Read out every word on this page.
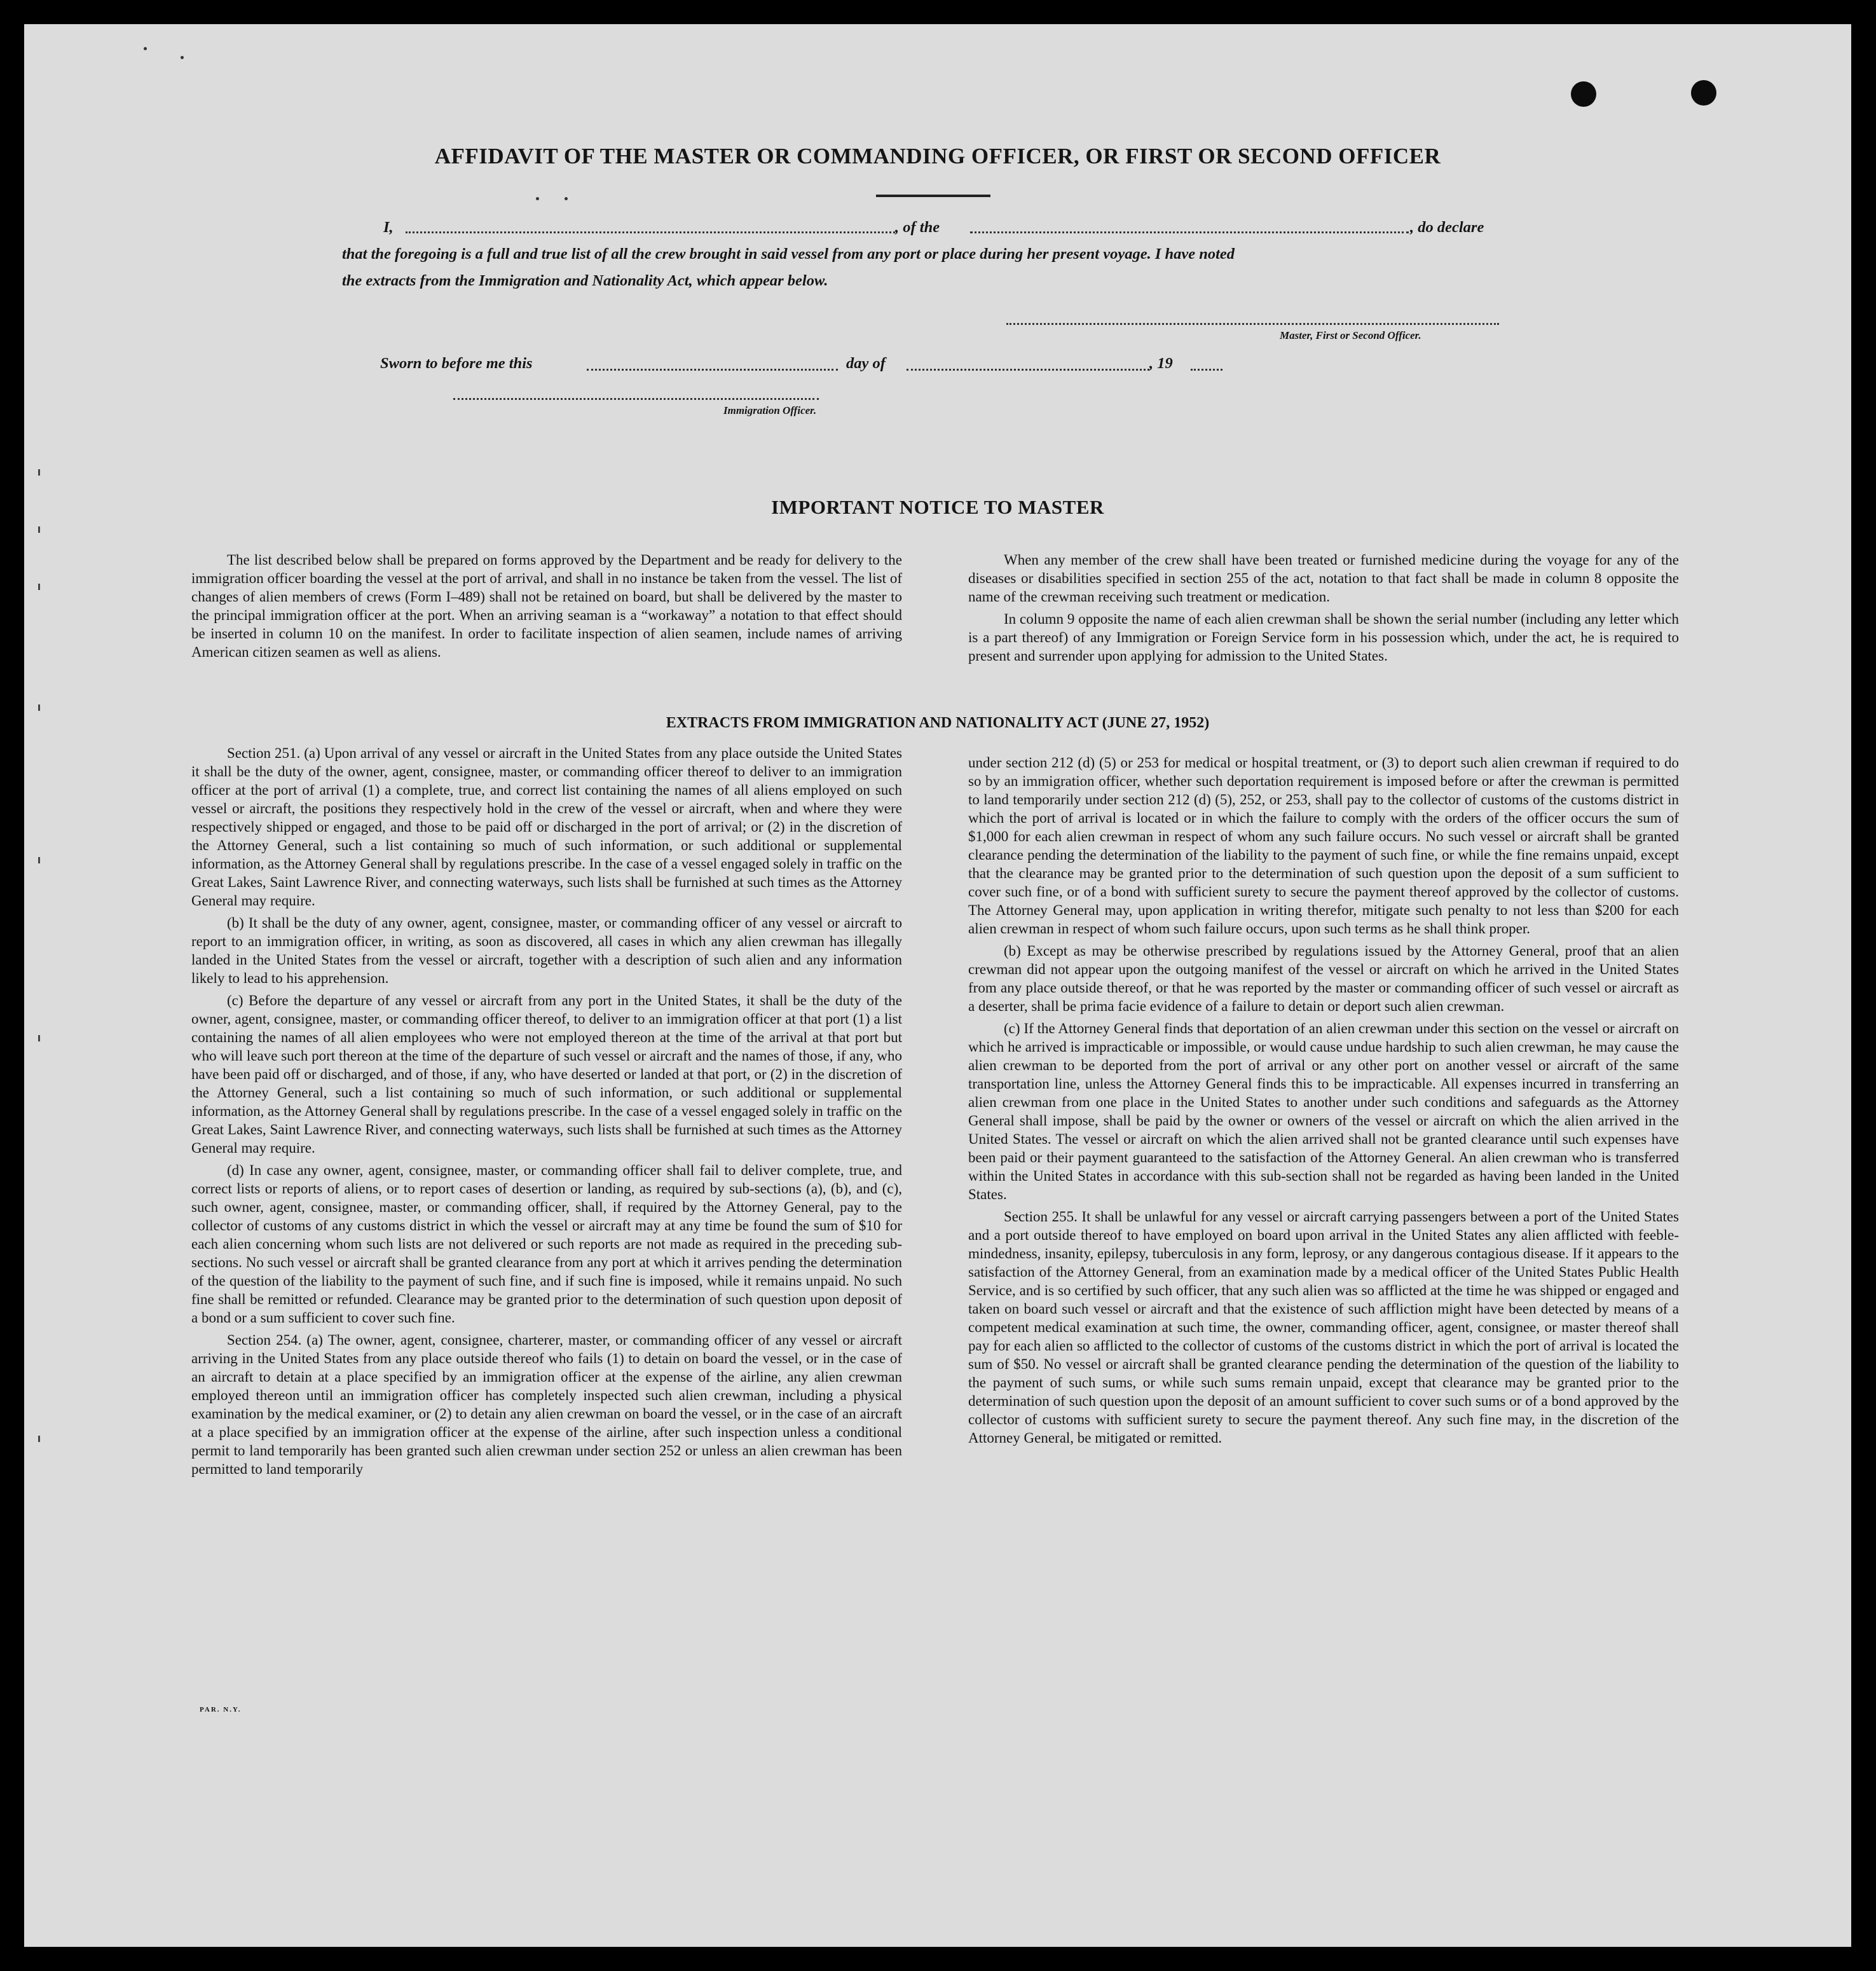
AFFIDAVIT OF THE MASTER OR COMMANDING OFFICER, OR FIRST OR SECOND OFFICER
I,	, of the	, do declare
that the foregoing is a full and true list of all the crew brought in said vessel from any port or place during her present voyage. I have noted
the extracts from the Immigration and Nationality Act, which appear below.
Master, First or Second Officer.
Sworn to before me this	day of	, 19
Immigration Officer.
IMPORTANT NOTICE TO MASTER

The list described below shall be prepared on forms approved by the Department and be ready for delivery to the immigration officer boarding the vessel at the port of arrival, and shall in no instance be taken from the vessel. The list of changes of alien members of crews (Form I–489) shall not be retained on board, but shall be delivered by the master to the principal immigration officer at the port. When an arriving seaman is a “workaway” a notation to that effect should be inserted in column 10 on the manifest. In order to facilitate inspection of alien seamen, include names of arriving American citizen seamen as well as aliens.

When any member of the crew shall have been treated or furnished medicine during the voyage for any of the diseases or disabilities specified in section 255 of the act, notation to that fact shall be made in column 8 opposite the name of the crewman receiving such treatment or medication.

In column 9 opposite the name of each alien crewman shall be shown the serial number (including any letter which is a part thereof) of any Immigration or Foreign Service form in his possession which, under the act, he is required to present and surrender upon applying for admission to the United States.

EXTRACTS FROM IMMIGRATION AND NATIONALITY ACT (JUNE 27, 1952)

Section 251. (a) Upon arrival of any vessel or aircraft in the United States from any place outside the United States it shall be the duty of the owner, agent, consignee, master, or commanding officer thereof to deliver to an immigration officer at the port of arrival (1) a complete, true, and correct list containing the names of all aliens employed on such vessel or aircraft, the positions they respectively hold in the crew of the vessel or aircraft, when and where they were respectively shipped or engaged, and those to be paid off or discharged in the port of arrival; or (2) in the discretion of the Attorney General, such a list containing so much of such information, or such additional or supplemental information, as the Attorney General shall by regulations prescribe. In the case of a vessel engaged solely in traffic on the Great Lakes, Saint Lawrence River, and connecting waterways, such lists shall be furnished at such times as the Attorney General may require.

(b) It shall be the duty of any owner, agent, consignee, master, or commanding officer of any vessel or aircraft to report to an immigration officer, in writing, as soon as discovered, all cases in which any alien crewman has illegally landed in the United States from the vessel or aircraft, together with a description of such alien and any information likely to lead to his apprehension.

(c) Before the departure of any vessel or aircraft from any port in the United States, it shall be the duty of the owner, agent, consignee, master, or commanding officer thereof, to deliver to an immigration officer at that port (1) a list containing the names of all alien employees who were not employed thereon at the time of the arrival at that port but who will leave such port thereon at the time of the departure of such vessel or aircraft and the names of those, if any, who have been paid off or discharged, and of those, if any, who have deserted or landed at that port, or (2) in the discretion of the Attorney General, such a list containing so much of such information, or such additional or supplemental information, as the Attorney General shall by regulations prescribe. In the case of a vessel engaged solely in traffic on the Great Lakes, Saint Lawrence River, and connecting waterways, such lists shall be furnished at such times as the Attorney General may require.

(d) In case any owner, agent, consignee, master, or commanding officer shall fail to deliver complete, true, and correct lists or reports of aliens, or to report cases of desertion or landing, as required by sub-sections (a), (b), and (c), such owner, agent, consignee, master, or commanding officer, shall, if required by the Attorney General, pay to the collector of customs of any customs district in which the vessel or aircraft may at any time be found the sum of $10 for each alien concerning whom such lists are not delivered or such reports are not made as required in the preceding sub-sections. No such vessel or aircraft shall be granted clearance from any port at which it arrives pending the determination of the question of the liability to the payment of such fine, and if such fine is imposed, while it remains unpaid. No such fine shall be remitted or refunded. Clearance may be granted prior to the determination of such question upon deposit of a bond or a sum sufficient to cover such fine.

Section 254. (a) The owner, agent, consignee, charterer, master, or commanding officer of any vessel or aircraft arriving in the United States from any place outside thereof who fails (1) to detain on board the vessel, or in the case of an aircraft to detain at a place specified by an immigration officer at the expense of the airline, any alien crewman employed thereon until an immigration officer has completely inspected such alien crewman, including a physical examination by the medical examiner, or (2) to detain any alien crewman on board the vessel, or in the case of an aircraft at a place specified by an immigration officer at the expense of the airline, after such inspection unless a conditional permit to land temporarily has been granted such alien crewman under section 252 or unless an alien crewman has been permitted to land temporarily

under section 212 (d) (5) or 253 for medical or hospital treatment, or (3) to deport such alien crewman if required to do so by an immigration officer, whether such deportation requirement is imposed before or after the crewman is permitted to land temporarily under section 212 (d) (5), 252, or 253, shall pay to the collector of customs of the customs district in which the port of arrival is located or in which the failure to comply with the orders of the officer occurs the sum of $1,000 for each alien crewman in respect of whom any such failure occurs. No such vessel or aircraft shall be granted clearance pending the determination of the liability to the payment of such fine, or while the fine remains unpaid, except that the clearance may be granted prior to the determination of such question upon the deposit of a sum sufficient to cover such fine, or of a bond with sufficient surety to secure the payment thereof approved by the collector of customs. The Attorney General may, upon application in writing therefor, mitigate such penalty to not less than $200 for each alien crewman in respect of whom such failure occurs, upon such terms as he shall think proper.

(b) Except as may be otherwise prescribed by regulations issued by the Attorney General, proof that an alien crewman did not appear upon the outgoing manifest of the vessel or aircraft on which he arrived in the United States from any place outside thereof, or that he was reported by the master or commanding officer of such vessel or aircraft as a deserter, shall be prima facie evidence of a failure to detain or deport such alien crewman.

(c) If the Attorney General finds that deportation of an alien crewman under this section on the vessel or aircraft on which he arrived is impracticable or impossible, or would cause undue hardship to such alien crewman, he may cause the alien crewman to be deported from the port of arrival or any other port on another vessel or aircraft of the same transportation line, unless the Attorney General finds this to be impracticable. All expenses incurred in transferring an alien crewman from one place in the United States to another under such conditions and safeguards as the Attorney General shall impose, shall be paid by the owner or owners of the vessel or aircraft on which the alien arrived in the United States. The vessel or aircraft on which the alien arrived shall not be granted clearance until such expenses have been paid or their payment guaranteed to the satisfaction of the Attorney General. An alien crewman who is transferred within the United States in accordance with this sub-section shall not be regarded as having been landed in the United States.

Section 255. It shall be unlawful for any vessel or aircraft carrying passengers between a port of the United States and a port outside thereof to have employed on board upon arrival in the United States any alien afflicted with feeble-mindedness, insanity, epilepsy, tuberculosis in any form, leprosy, or any dangerous contagious disease. If it appears to the satisfaction of the Attorney General, from an examination made by a medical officer of the United States Public Health Service, and is so certified by such officer, that any such alien was so afflicted at the time he was shipped or engaged and taken on board such vessel or aircraft and that the existence of such affliction might have been detected by means of a competent medical examination at such time, the owner, commanding officer, agent, consignee, or master thereof shall pay for each alien so afflicted to the collector of customs of the customs district in which the port of arrival is located the sum of $50. No vessel or aircraft shall be granted clearance pending the determination of the question of the liability to the payment of such sums, or while such sums remain unpaid, except that clearance may be granted prior to the determination of such question upon the deposit of an amount sufficient to cover such sums or of a bond approved by the collector of customs with sufficient surety to secure the payment thereof. Any such fine may, in the discretion of the Attorney General, be mitigated or remitted.

PAR. N.Y.
